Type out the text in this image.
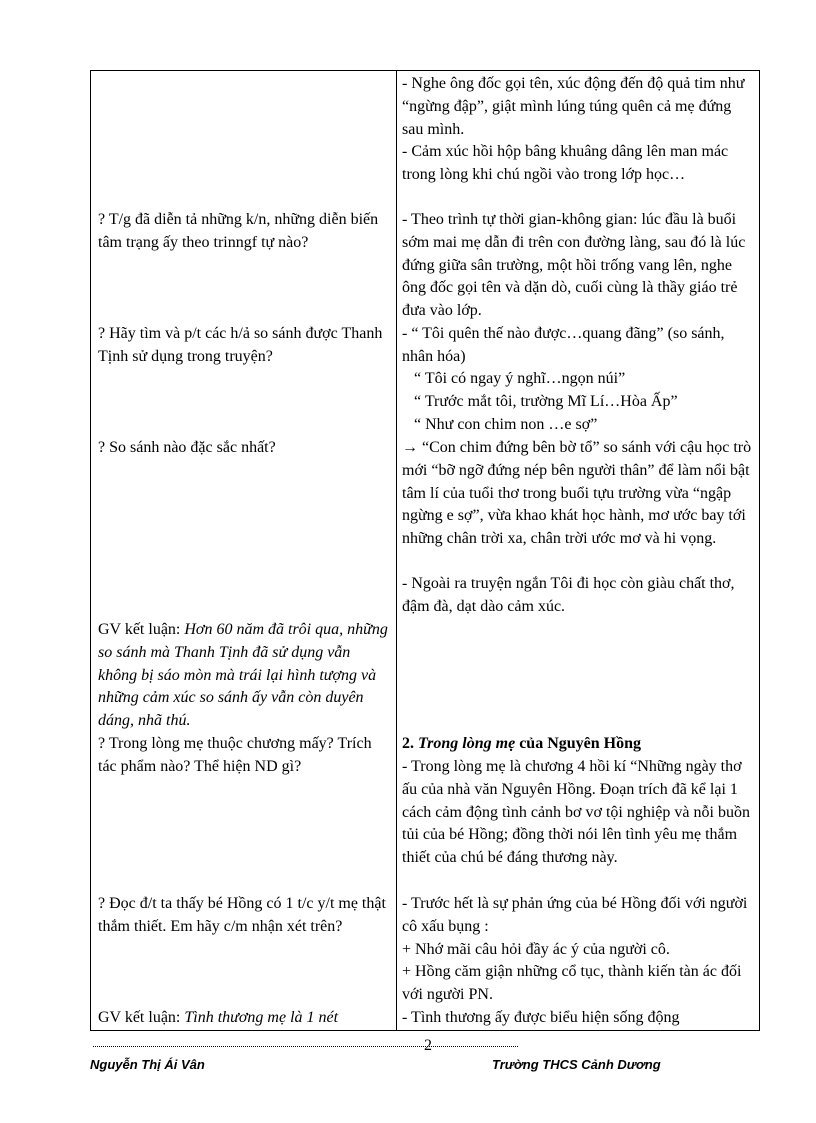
? T/g đã diễn tả những k/n, những diễn biến tâm trạng ấy theo trinngf tự nào?

? Hãy tìm và p/t các h/ả so sánh được Thanh Tịnh sử dụng trong truyện?

? So sánh nào đặc sắc nhất?

GV kết luận: Hơn 60 năm đã trôi qua, những so sánh mà Thanh Tịnh đã sử dụng vẫn không bị sáo mòn mà trái lại hình tượng và những cảm xúc so sánh ấy vẫn còn duyên dáng, nhã thú.

? Trong lòng mẹ thuộc chương mấy? Trích tác phẩm nào? Thể hiện ND gì?

? Đọc đ/t ta thấy bé Hồng có 1 t/c y/t mẹ thật thắm thiết. Em hãy c/m nhận xét trên?

GV kết luận: Tình thương mẹ là 1 nét

- Nghe ông đốc gọi tên, xúc động đến độ quả tim như “ngừng đập”, giật mình lúng túng quên cả mẹ đứng sau mình.

- Cảm xúc hồi hộp bâng khuâng dâng lên man mác trong lòng khi chú ngồi vào trong lớp học…

- Theo trình tự thời gian-không gian: lúc đầu là buổi sớm mai mẹ dẫn đi trên con đường làng, sau đó là lúc đứng giữa sân trường, một hồi trống vang lên, nghe ông đốc gọi tên và dặn dò, cuối cùng là thầy giáo trẻ đưa vào lớp.

- “ Tôi quên thế nào được…quang đãng” (so sánh, nhân hóa)

“ Tôi có ngay ý nghĩ…ngọn núi”

“ Trước mắt tôi, trường Mĩ Lí…Hòa Ấp”

“ Như con chim non …e sợ”

→ “Con chim đứng bên bờ tổ” so sánh với cậu học trò mới “bỡ ngỡ đứng nép bên người thân” để làm nổi bật tâm lí của tuổi thơ trong buổi tựu trường vừa “ngập ngừng e sợ”, vừa khao khát học hành, mơ ước bay tới những chân trời xa, chân trời ước mơ và hi vọng.

- Ngoài ra truyện ngắn Tôi đi học còn giàu chất thơ, đậm đà, dạt dào cảm xúc.

2. Trong lòng mẹ của Nguyên Hồng

- Trong lòng mẹ là chương 4 hồi kí “Những ngày thơ ấu của nhà văn Nguyên Hồng. Đoạn trích đã kể lại 1 cách cảm động tình cảnh bơ vơ tội nghiệp và nỗi buồn tủi của bé Hồng; đồng thời nói lên tình yêu mẹ thắm thiết của chú bé đáng thương này.

- Trước hết là sự phản ứng của bé Hồng đối với người cô xấu bụng :

+ Nhớ mãi câu hỏi đầy ác ý của người cô.

+ Hồng căm giận những cổ tục, thành kiến tàn ác đối với người PN.

- Tình thương ấy được biểu hiện sống động

2
Nguyễn Thị Ái Vân	Trường THCS Cảnh Dương
